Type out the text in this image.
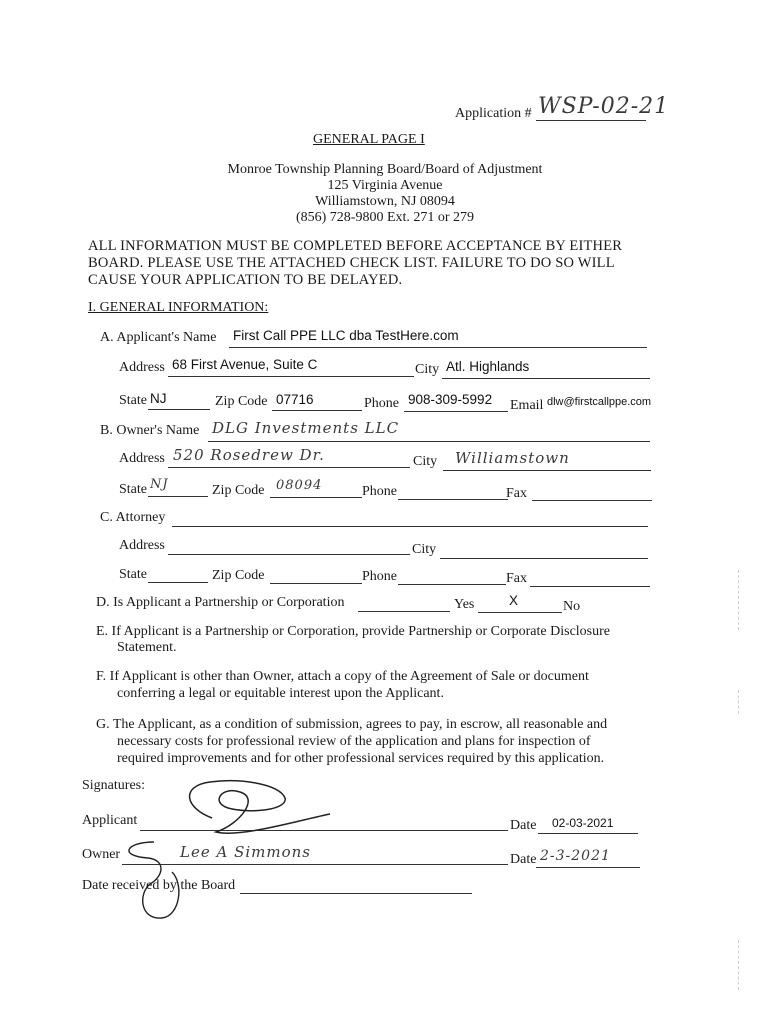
Application # WSP-02-21
GENERAL PAGE I
Monroe Township Planning Board/Board of Adjustment
125 Virginia Avenue
Williamstown, NJ 08094
(856) 728-9800 Ext. 271 or 279
ALL INFORMATION MUST BE COMPLETED BEFORE ACCEPTANCE BY EITHER
BOARD. PLEASE USE THE ATTACHED CHECK LIST. FAILURE TO DO SO WILL
CAUSE YOUR APPLICATION TO BE DELAYED.
I. GENERAL INFORMATION:
A. Applicant's Name First Call PPE LLC dba TestHere.com
Address 68 First Avenue, Suite C	City Atl. Highlands
State NJ	Zip Code 07716	Phone 908-309-5992 Email dlw@firstcallppe.com
B. Owner's Name DLG Investments LLC
Address 520 Rosedrew Dr.	City Williamstown
State NJ	Zip Code 08094	Phone	Fax
C. Attorney
Address	City
State	Zip Code	Phone	Fax
D. Is Applicant a Partnership or Corporation	Yes	X	No
E. If Applicant is a Partnership or Corporation, provide Partnership or Corporate Disclosure
Statement.
F. If Applicant is other than Owner, attach a copy of the Agreement of Sale or document
conferring a legal or equitable interest upon the Applicant.
G. The Applicant, as a condition of submission, agrees to pay, in escrow, all reasonable and
necessary costs for professional review of the application and plans for inspection of
required improvements and for other professional services required by this application.
Signatures:
Applicant	Date 02-03-2021
Owner	Lee A Simmons	Date 2-3-2021
Date received by the Board
